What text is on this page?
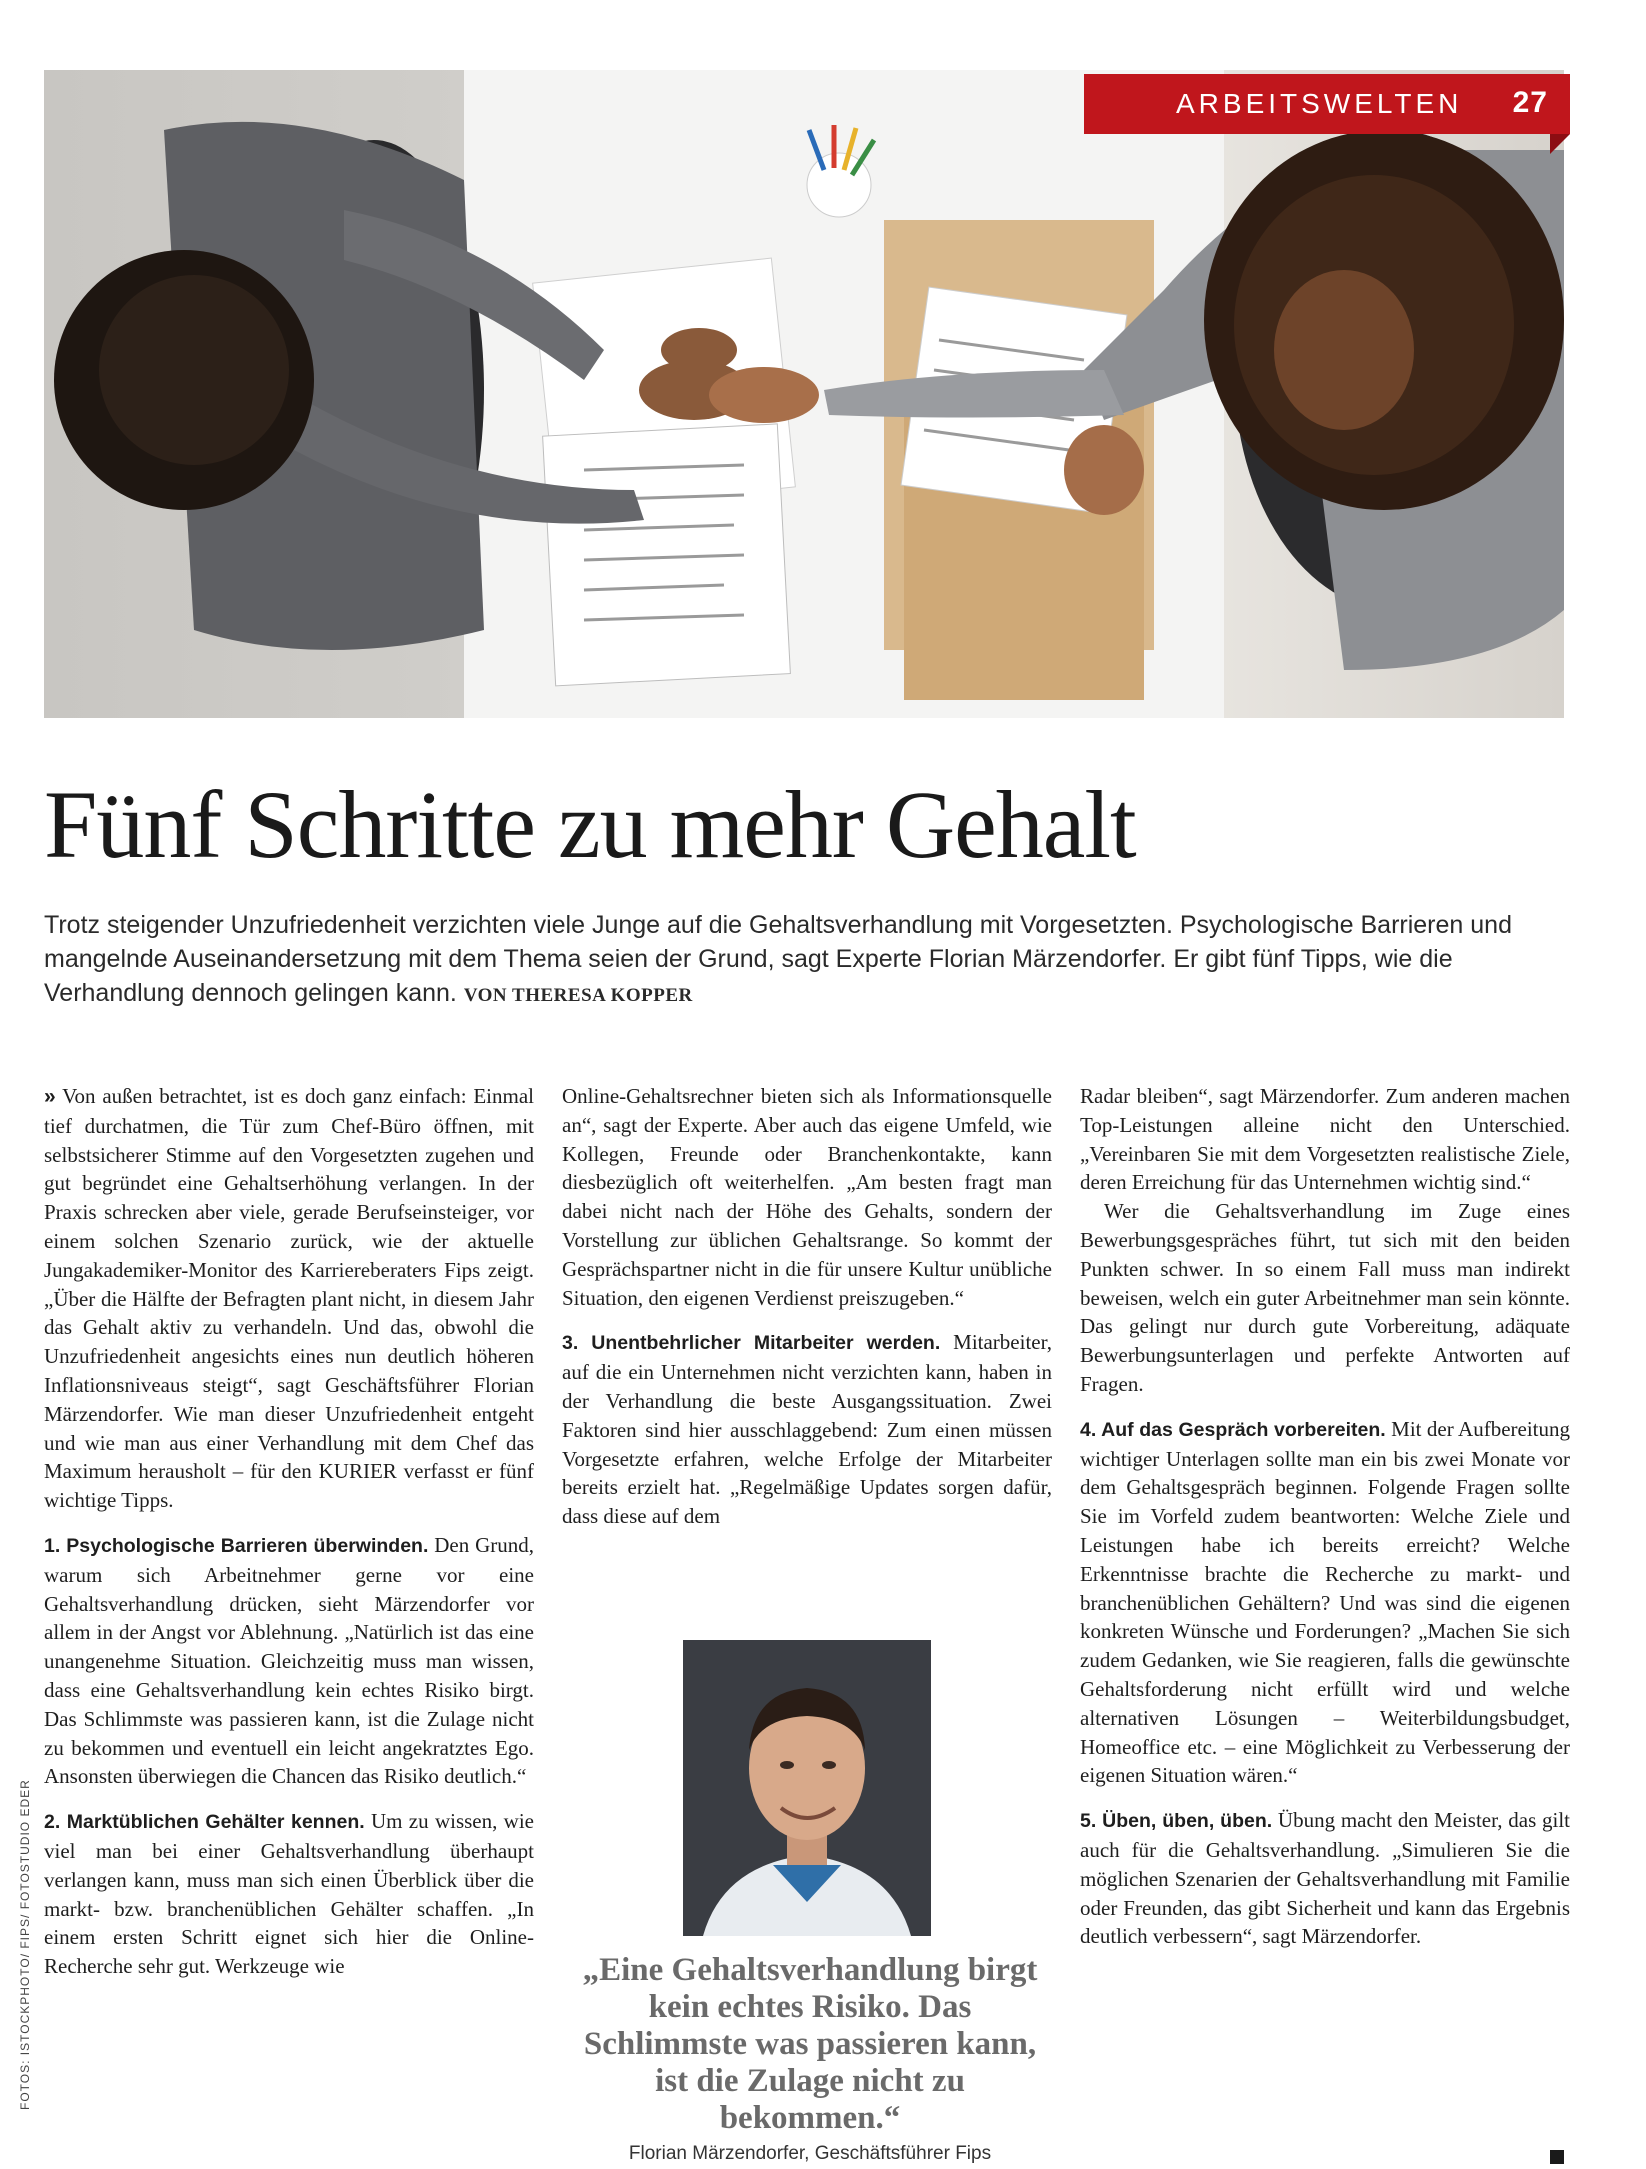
ARBEITSWELTEN 27
Fünf Schritte zu mehr Gehalt
Trotz steigender Unzufriedenheit verzichten viele Junge auf die Gehaltsverhandlung mit Vorgesetzten. Psychologische Barrieren und mangelnde Auseinandersetzung mit dem Thema seien der Grund, sagt Experte Florian Märzendorfer. Er gibt fünf Tipps, wie die Verhandlung dennoch gelingen kann. VON THERESA KOPPER

» Von außen betrachtet, ist es doch ganz einfach: Einmal tief durchatmen, die Tür zum Chef-Büro öffnen, mit selbstsicherer Stimme auf den Vorgesetzten zugehen und gut begründet eine Gehaltserhöhung verlangen. In der Praxis schrecken aber viele, gerade Berufseinsteiger, vor einem solchen Szenario zurück, wie der aktuelle Jungakademiker-Monitor des Karriereberaters Fips zeigt. „Über die Hälfte der Befragten plant nicht, in diesem Jahr das Gehalt aktiv zu verhandeln. Und das, obwohl die Unzufriedenheit angesichts eines nun deutlich höheren Inflationsniveaus steigt“, sagt Geschäftsführer Florian Märzendorfer. Wie man dieser Unzufriedenheit entgeht und wie man aus einer Verhandlung mit dem Chef das Maximum herausholt – für den KURIER verfasst er fünf wichtige Tipps.

1. Psychologische Barrieren überwinden. Den Grund, warum sich Arbeitnehmer gerne vor eine Gehaltsverhandlung drücken, sieht Märzendorfer vor allem in der Angst vor Ablehnung. „Natürlich ist das eine unangenehme Situation. Gleichzeitig muss man wissen, dass eine Gehaltsverhandlung kein echtes Risiko birgt. Das Schlimmste was passieren kann, ist die Zulage nicht zu bekommen und eventuell ein leicht angekratztes Ego. Ansonsten überwiegen die Chancen das Risiko deutlich.“

2. Marktüblichen Gehälter kennen. Um zu wissen, wie viel man bei einer Gehaltsverhandlung überhaupt verlangen kann, muss man sich einen Überblick über die markt- bzw. branchenüblichen Gehälter schaffen. „In einem ersten Schritt eignet sich hier die Online-Recherche sehr gut. Werkzeuge wie

Online-Gehaltsrechner bieten sich als Informationsquelle an“, sagt der Experte. Aber auch das eigene Umfeld, wie Kollegen, Freunde oder Branchenkontakte, kann diesbezüglich oft weiterhelfen. „Am besten fragt man dabei nicht nach der Höhe des Gehalts, sondern der Vorstellung zur üblichen Gehaltsrange. So kommt der Gesprächspartner nicht in die für unsere Kultur unübliche Situation, den eigenen Verdienst preiszugeben.“

3. Unentbehrlicher Mitarbeiter werden. Mitarbeiter, auf die ein Unternehmen nicht verzichten kann, haben in der Verhandlung die beste Ausgangssituation. Zwei Faktoren sind hier ausschlaggebend: Zum einen müssen Vorgesetzte erfahren, welche Erfolge der Mitarbeiter bereits erzielt hat. „Regelmäßige Updates sorgen dafür, dass diese auf dem

„Eine Gehaltsverhandlung birgt kein echtes Risiko. Das Schlimmste was passieren kann, ist die Zulage nicht zu bekommen.“
Florian Märzendorfer, Geschäftsführer Fips

Radar bleiben“, sagt Märzendorfer. Zum anderen machen Top-Leistungen alleine nicht den Unterschied. „Vereinbaren Sie mit dem Vorgesetzten realistische Ziele, deren Erreichung für das Unternehmen wichtig sind.“

Wer die Gehaltsverhandlung im Zuge eines Bewerbungsgespräches führt, tut sich mit den beiden Punkten schwer. In so einem Fall muss man indirekt beweisen, welch ein guter Arbeitnehmer man sein könnte. Das gelingt nur durch gute Vorbereitung, adäquate Bewerbungsunterlagen und perfekte Antworten auf Fragen.

4. Auf das Gespräch vorbereiten. Mit der Aufbereitung wichtiger Unterlagen sollte man ein bis zwei Monate vor dem Gehaltsgespräch beginnen. Folgende Fragen sollte Sie im Vorfeld zudem beantworten: Welche Ziele und Leistungen habe ich bereits erreicht? Welche Erkenntnisse brachte die Recherche zu markt- und branchenüblichen Gehältern? Und was sind die eigenen konkreten Wünsche und Forderungen? „Machen Sie sich zudem Gedanken, wie Sie reagieren, falls die gewünschte Gehaltsforderung nicht erfüllt wird und welche alternativen Lösungen – Weiterbildungsbudget, Homeoffice etc. – eine Möglichkeit zu Verbesserung der eigenen Situation wären.“

5. Üben, üben, üben. Übung macht den Meister, das gilt auch für die Gehaltsverhandlung. „Simulieren Sie die möglichen Szenarien der Gehaltsverhandlung mit Familie oder Freunden, das gibt Sicherheit und kann das Ergebnis deutlich verbessern“, sagt Märzendorfer.

FOTOS: ISTOCKPHOTO/ FIPS/ FOTOSTUDIO EDER
